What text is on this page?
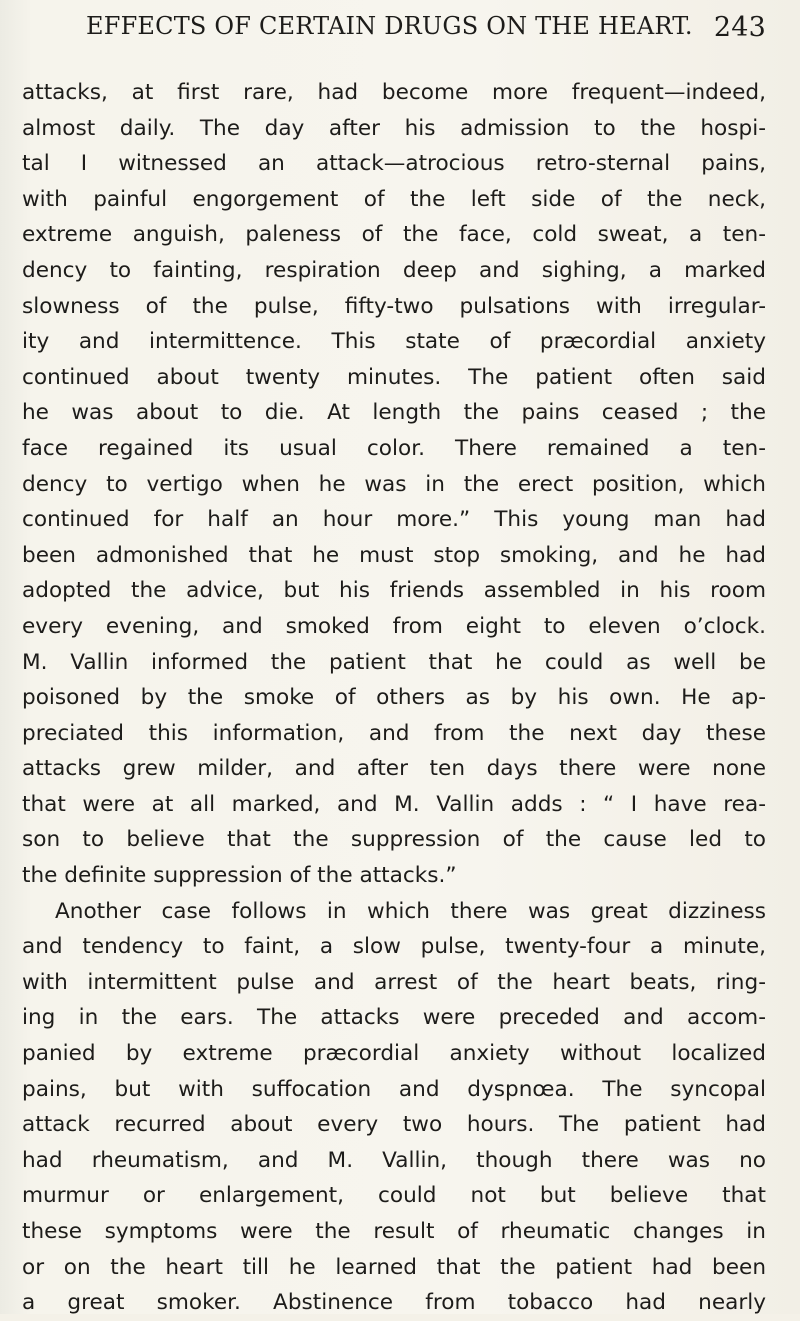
EFFECTS OF CERTAIN DRUGS ON THE HEART. 243
attacks, at first rare, had become more frequent—indeed,
almost daily. The day after his admission to the hospi-
tal I witnessed an attack—atrocious retro-sternal pains,
with painful engorgement of the left side of the neck,
extreme anguish, paleness of the face, cold sweat, a ten-
dency to fainting, respiration deep and sighing, a marked
slowness of the pulse, fifty-two pulsations with irregular-
ity and intermittence. This state of præcordial anxiety
continued about twenty minutes. The patient often said
he was about to die. At length the pains ceased ; the
face regained its usual color. There remained a ten-
dency to vertigo when he was in the erect position, which
continued for half an hour more.” This young man had
been admonished that he must stop smoking, and he had
adopted the advice, but his friends assembled in his room
every evening, and smoked from eight to eleven o’clock.
M. Vallin informed the patient that he could as well be
poisoned by the smoke of others as by his own. He ap-
preciated this information, and from the next day these
attacks grew milder, and after ten days there were none
that were at all marked, and M. Vallin adds : “ I have rea-
son to believe that the suppression of the cause led to
the definite suppression of the attacks.”
Another case follows in which there was great dizziness
and tendency to faint, a slow pulse, twenty-four a minute,
with intermittent pulse and arrest of the heart beats, ring-
ing in the ears. The attacks were preceded and accom-
panied by extreme præcordial anxiety without localized
pains, but with suffocation and dyspnœa. The syncopal
attack recurred about every two hours. The patient had
had rheumatism, and M. Vallin, though there was no
murmur or enlargement, could not but believe that
these symptoms were the result of rheumatic changes in
or on the heart till he learned that the patient had been
a great smoker. Abstinence from tobacco had nearly
